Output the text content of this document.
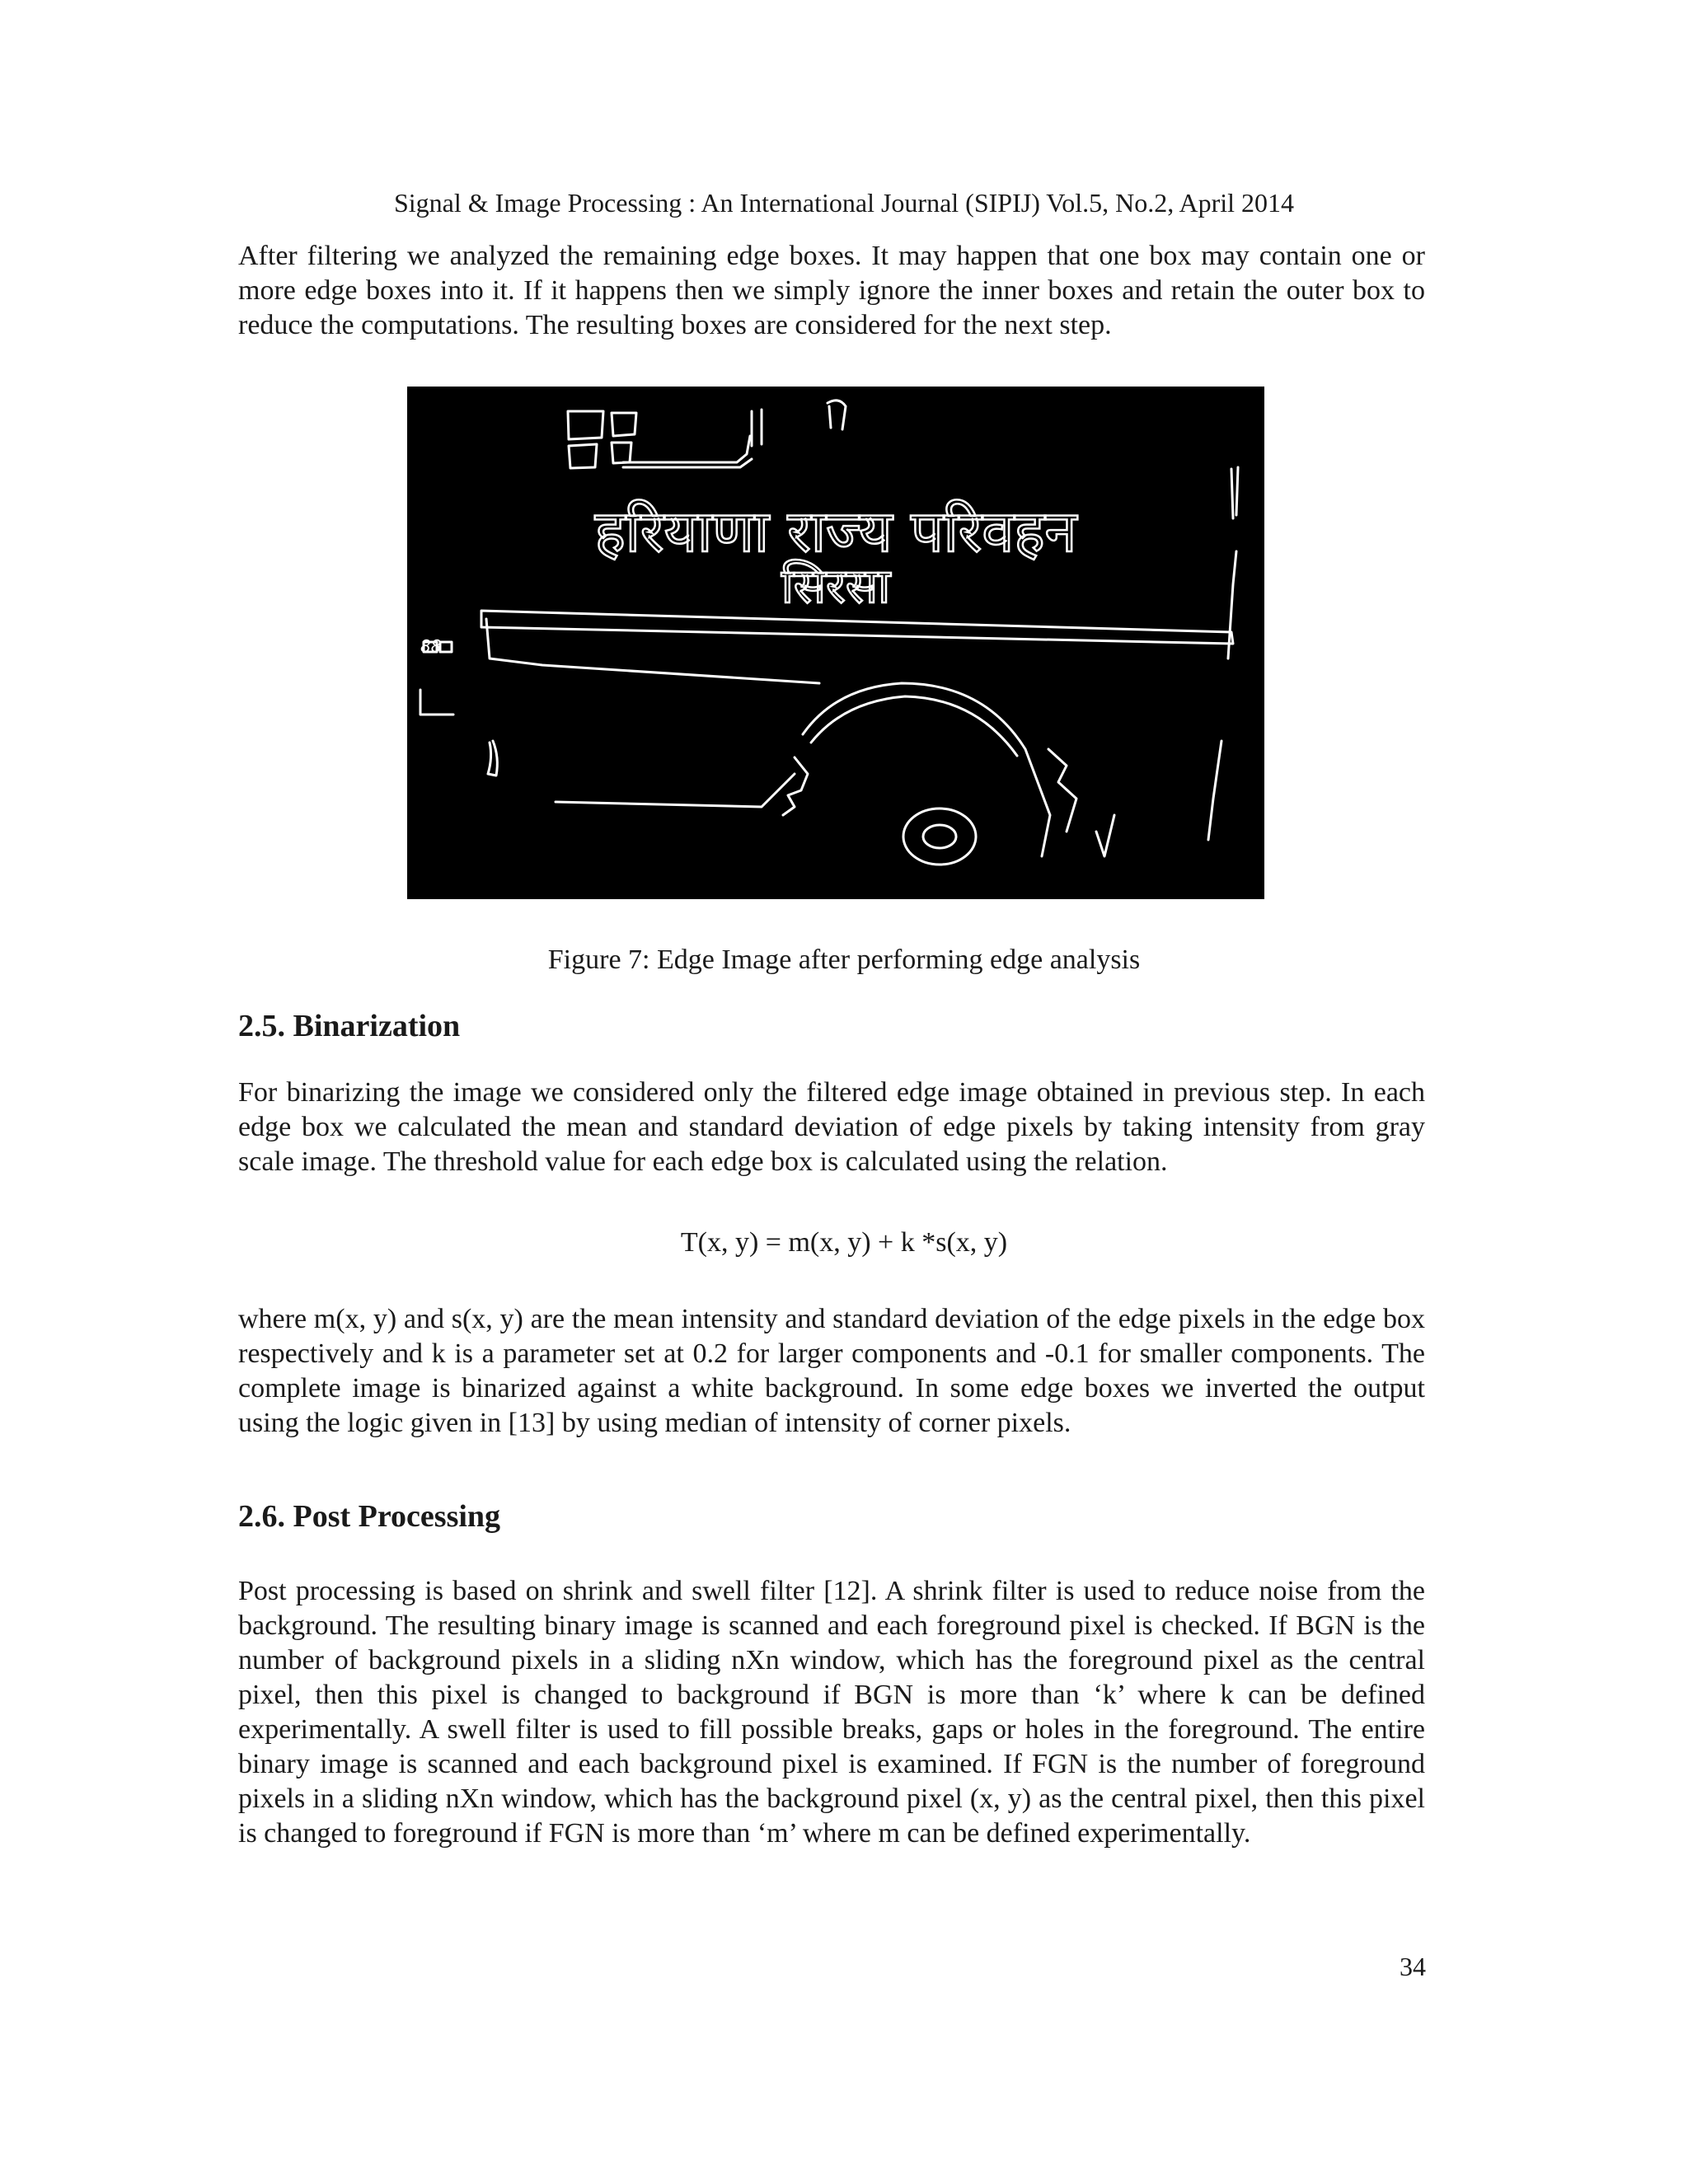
Signal & Image Processing : An International Journal (SIPIJ) Vol.5, No.2, April 2014

After filtering we analyzed the remaining edge boxes. It may happen that one box may contain one or more edge boxes into it. If it happens then we simply ignore the inner boxes and retain the outer box to reduce the computations. The resulting boxes are considered for the next step.

हरियाणा राज्य परिवहन
सिरसा
88
Figure 7: Edge Image after performing edge analysis
2.5. Binarization

For binarizing the image we considered only the filtered edge image obtained in previous step. In each edge box we calculated the mean and standard deviation of edge pixels by taking intensity from gray scale image. The threshold value for each edge box is calculated using the relation.

T(x, y) = m(x, y) + k *s(x, y)

where m(x, y) and s(x, y) are the mean intensity and standard deviation of the edge pixels in the edge box respectively and k is a parameter set at 0.2 for larger components and -0.1 for smaller components. The complete image is binarized against a white background. In some edge boxes we inverted the output using the logic given in [13] by using median of intensity of corner pixels.

2.6. Post Processing

Post processing is based on shrink and swell filter [12]. A shrink filter is used to reduce noise from the background. The resulting binary image is scanned and each foreground pixel is checked. If BGN is the number of background pixels in a sliding nXn window, which has the foreground pixel as the central pixel, then this pixel is changed to background if BGN is more than ‘k’ where k can be defined experimentally. A swell filter is used to fill possible breaks, gaps or holes in the foreground. The entire binary image is scanned and each background pixel is examined. If FGN is the number of foreground pixels in a sliding nXn window, which has the background pixel (x, y) as the central pixel, then this pixel is changed to foreground if FGN is more than ‘m’ where m can be defined experimentally.

34
